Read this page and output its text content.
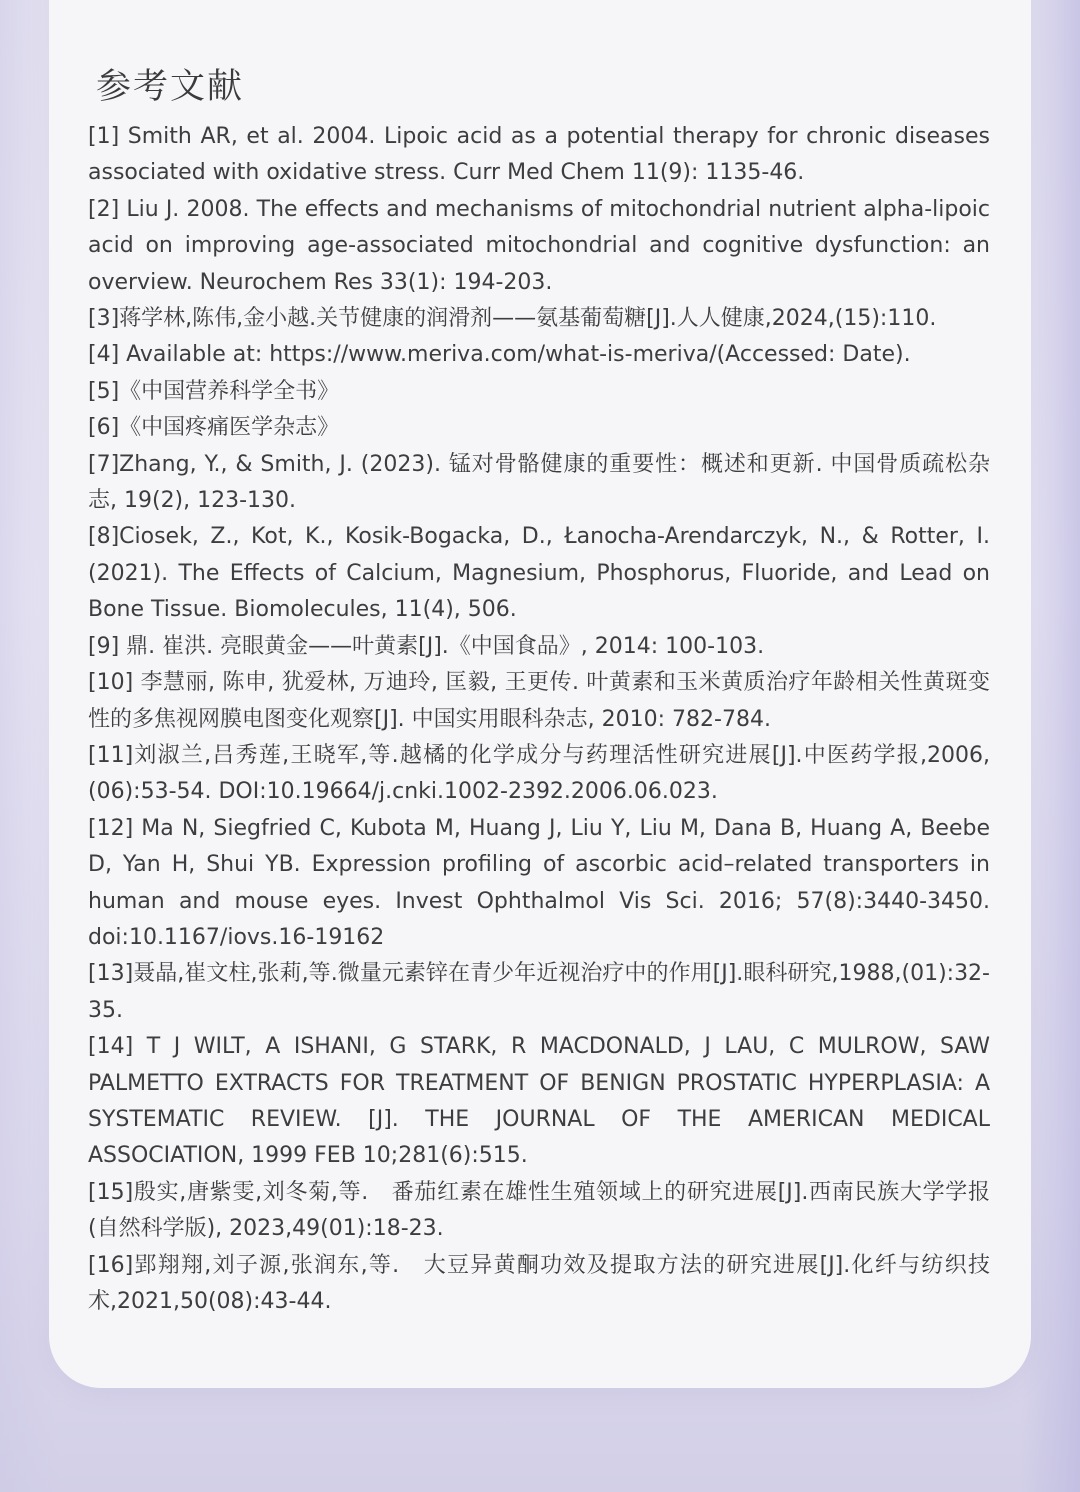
参考文献
[1] Smith AR, et al. 2004. Lipoic acid as a potential therapy for chronic diseases associated with oxidative stress. Curr Med Chem 11(9): 1135-46.
[2] Liu J. 2008. The effects and mechanisms of mitochondrial nutrient alpha-lipoic acid on improving age-associated mitochondrial and cognitive dysfunction: an overview. Neurochem Res 33(1): 194-203.
[3]蒋学林,陈伟,金小越.关节健康的润滑剂——氨基葡萄糖[J].人人健康,2024,(15):110.
[4] Available at: https://www.meriva.com/what-is-meriva/(Accessed: Date).
[5]《中国营养科学全书》
[6]《中国疼痛医学杂志》
[7]Zhang, Y., & Smith, J. (2023). 锰对骨骼健康的重要性：概述和更新. 中国骨质疏松杂志, 19(2), 123-130.
[8]Ciosek, Z., Kot, K., Kosik-Bogacka, D., Łanocha-Arendarczyk, N., & Rotter, I. (2021). The Effects of Calcium, Magnesium, Phosphorus, Fluoride, and Lead on Bone Tissue. Biomolecules, 11(4), 506.
[9] 鼎. 崔洪. 亮眼黄金——叶黄素[J].《中国食品》, 2014: 100-103.
[10] 李慧丽, 陈申, 犹爱林, 万迪玲, 匡毅, 王更传. 叶黄素和玉米黄质治疗年龄相关性黄斑变性的多焦视网膜电图变化观察[J]. 中国实用眼科杂志, 2010: 782-784.
[11]刘淑兰,吕秀莲,王晓军,等.越橘的化学成分与药理活性研究进展[J].中医药学报,2006,(06):53-54. DOI:10.19664/j.cnki.1002-2392.2006.06.023.
[12] Ma N, Siegfried C, Kubota M, Huang J, Liu Y, Liu M, Dana B, Huang A, Beebe D, Yan H, Shui YB. Expression profiling of ascorbic acid–related transporters in human and mouse eyes. Invest Ophthalmol Vis Sci. 2016; 57(8):3440-3450. doi:10.1167/iovs.16-19162
[13]聂晶,崔文柱,张莉,等.微量元素锌在青少年近视治疗中的作用[J].眼科研究,1988,(01):32-35.
[14] T J WILT, A ISHANI, G STARK, R MACDONALD, J LAU, C MULROW, SAW PALMETTO EXTRACTS FOR TREATMENT OF BENIGN PROSTATIC HYPERPLASIA: A SYSTEMATIC REVIEW. [J]. THE JOURNAL OF THE AMERICAN MEDICAL ASSOCIATION, 1999 FEB 10;281(6):515.
[15]殷实,唐紫雯,刘冬菊,等.　番茄红素在雄性生殖领域上的研究进展[J].西南民族大学学报(自然科学版), 2023,49(01):18-23.
[16]郢翔翔,刘子源,张润东,等.　大豆异黄酮功效及提取方法的研究进展[J].化纤与纺织技术,2021,50(08):43-44.
